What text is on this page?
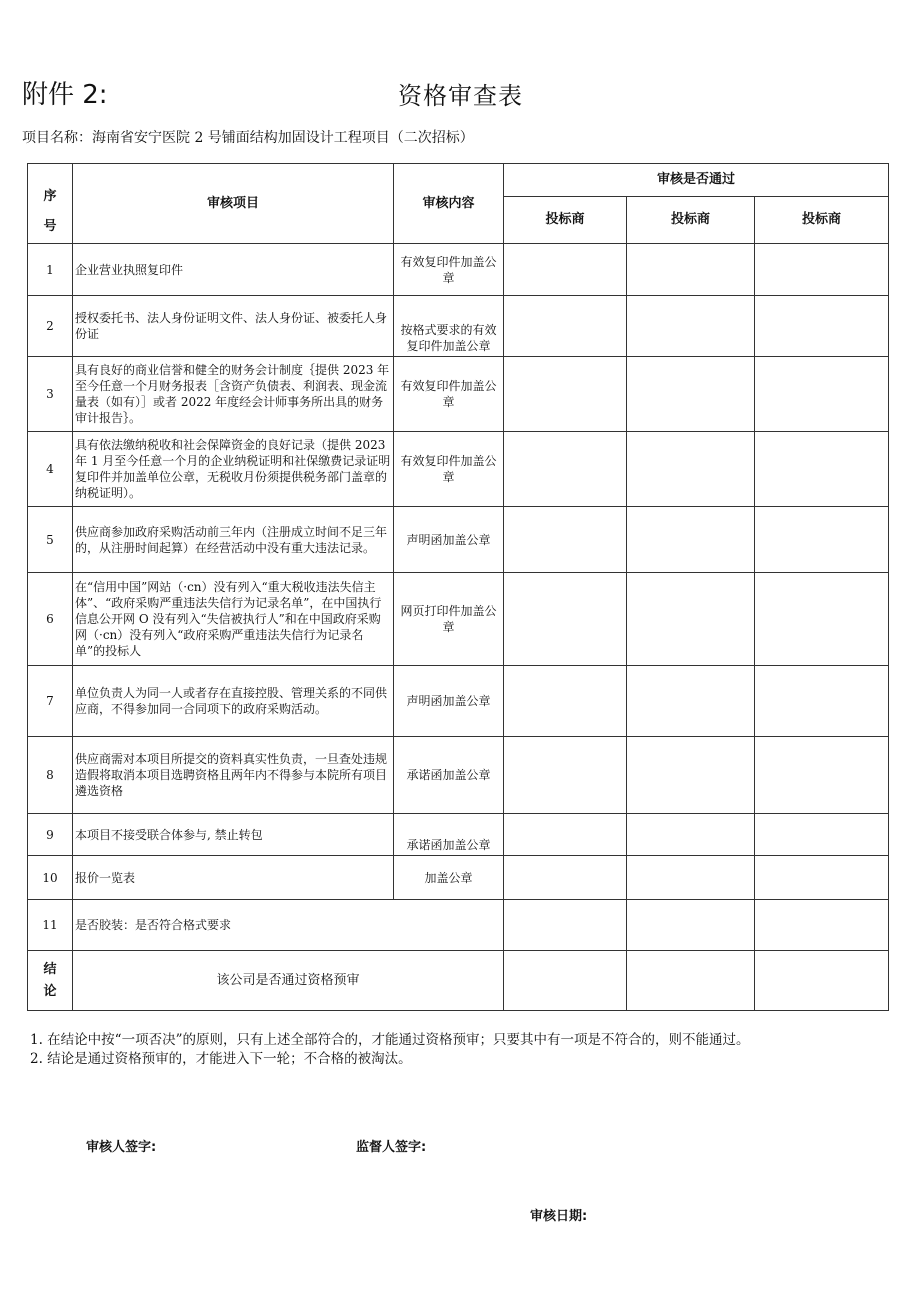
附件 2:	资格审查表
项目名称：海南省安宁医院 2 号铺面结构加固设计工程项目（二次招标）
序
号	审核项目	审核内容	审核是否通过		
			投标商	投标商	投标商
1	企业营业执照复印件	有效复印件加盖公章			
2	授权委托书、法人身份证明文件、法人身份证、被委托人身份证	按格式要求的有效复印件加盖公章			
3	具有良好的商业信誉和健全的财务会计制度｛提供 2023 年至今任意一个月财务报表［含资产负债表、利润表、现金流量表（如有）］或者 2022 年度经会计师事务所出具的财务审计报告｝。	有效复印件加盖公章			
4	具有依法缴纳税收和社会保障资金的良好记录（提供 2023 年 1 月至今任意一个月的企业纳税证明和社保缴费记录证明复印件并加盖单位公章，无税收月份须提供税务部门盖章的纳税证明）。	有效复印件加盖公章			
5	供应商参加政府采购活动前三年内（注册成立时间不足三年的，从注册时间起算）在经营活动中没有重大违法记录。	声明函加盖公章			
6	在“信用中国”网站（·cn）没有列入“重大税收违法失信主体”、“政府采购严重违法失信行为记录名单”，在中国执行信息公开网 O 没有列入“失信被执行人”和在中国政府采购网（·cn）没有列入“政府采购严重违法失信行为记录名单”的投标人	网页打印件加盖公章			
7	单位负责人为同一人或者存在直接控股、管理关系的不同供应商，不得参加同一合同项下的政府采购活动。	声明函加盖公章			
8	供应商需对本项目所提交的资料真实性负责，一旦查处违规造假将取消本项目选聘资格且两年内不得参与本院所有项目遴选资格	承诺函加盖公章			
9	本项目不接受联合体参与, 禁止转包	承诺函加盖公章			
10	报价一览表	加盖公章			
11	是否胶装：是否符合格式要求				

结
论	该公司是否通过资格预审				
1. 在结论中按“一项否决”的原则，只有上述全部符合的，才能通过资格预审；只要其中有一项是不符合的，则不能通过。
2. 结论是通过资格预审的，才能进入下一轮；不合格的被淘汰。
审核人签字:	监督人签字:
审核日期:
